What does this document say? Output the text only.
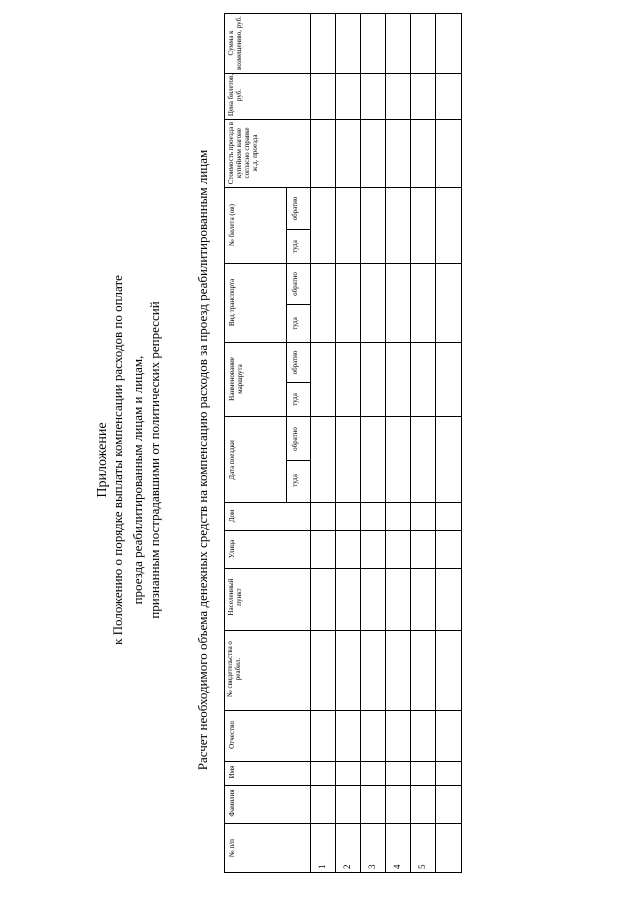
Приложение к Положению о порядке выплаты компенсации расходов по оплате проезда реабилитированным лицам и лицам, признанным пострадавшими от политических репрессий	Расчет необходимого объема денежных средств на компенсацию расходов за проезд реабилитированным лицам
№ п/п
Фамилия
Имя
Отчество
№ свидетельства о реабил.
Населенный пункт
Улица
Дом
Дата поездки
Наименование маршрута
Вид транспорта
№ билета (ов)
Стоимость проезда в купейном вагоне согласно справке ж.д. проезда
Цена билетов, руб.
Сумма к возмещению, руб.
туда
обратно
туда
обратно
туда
обратно
туда
обратно
1 2 3 4 5
